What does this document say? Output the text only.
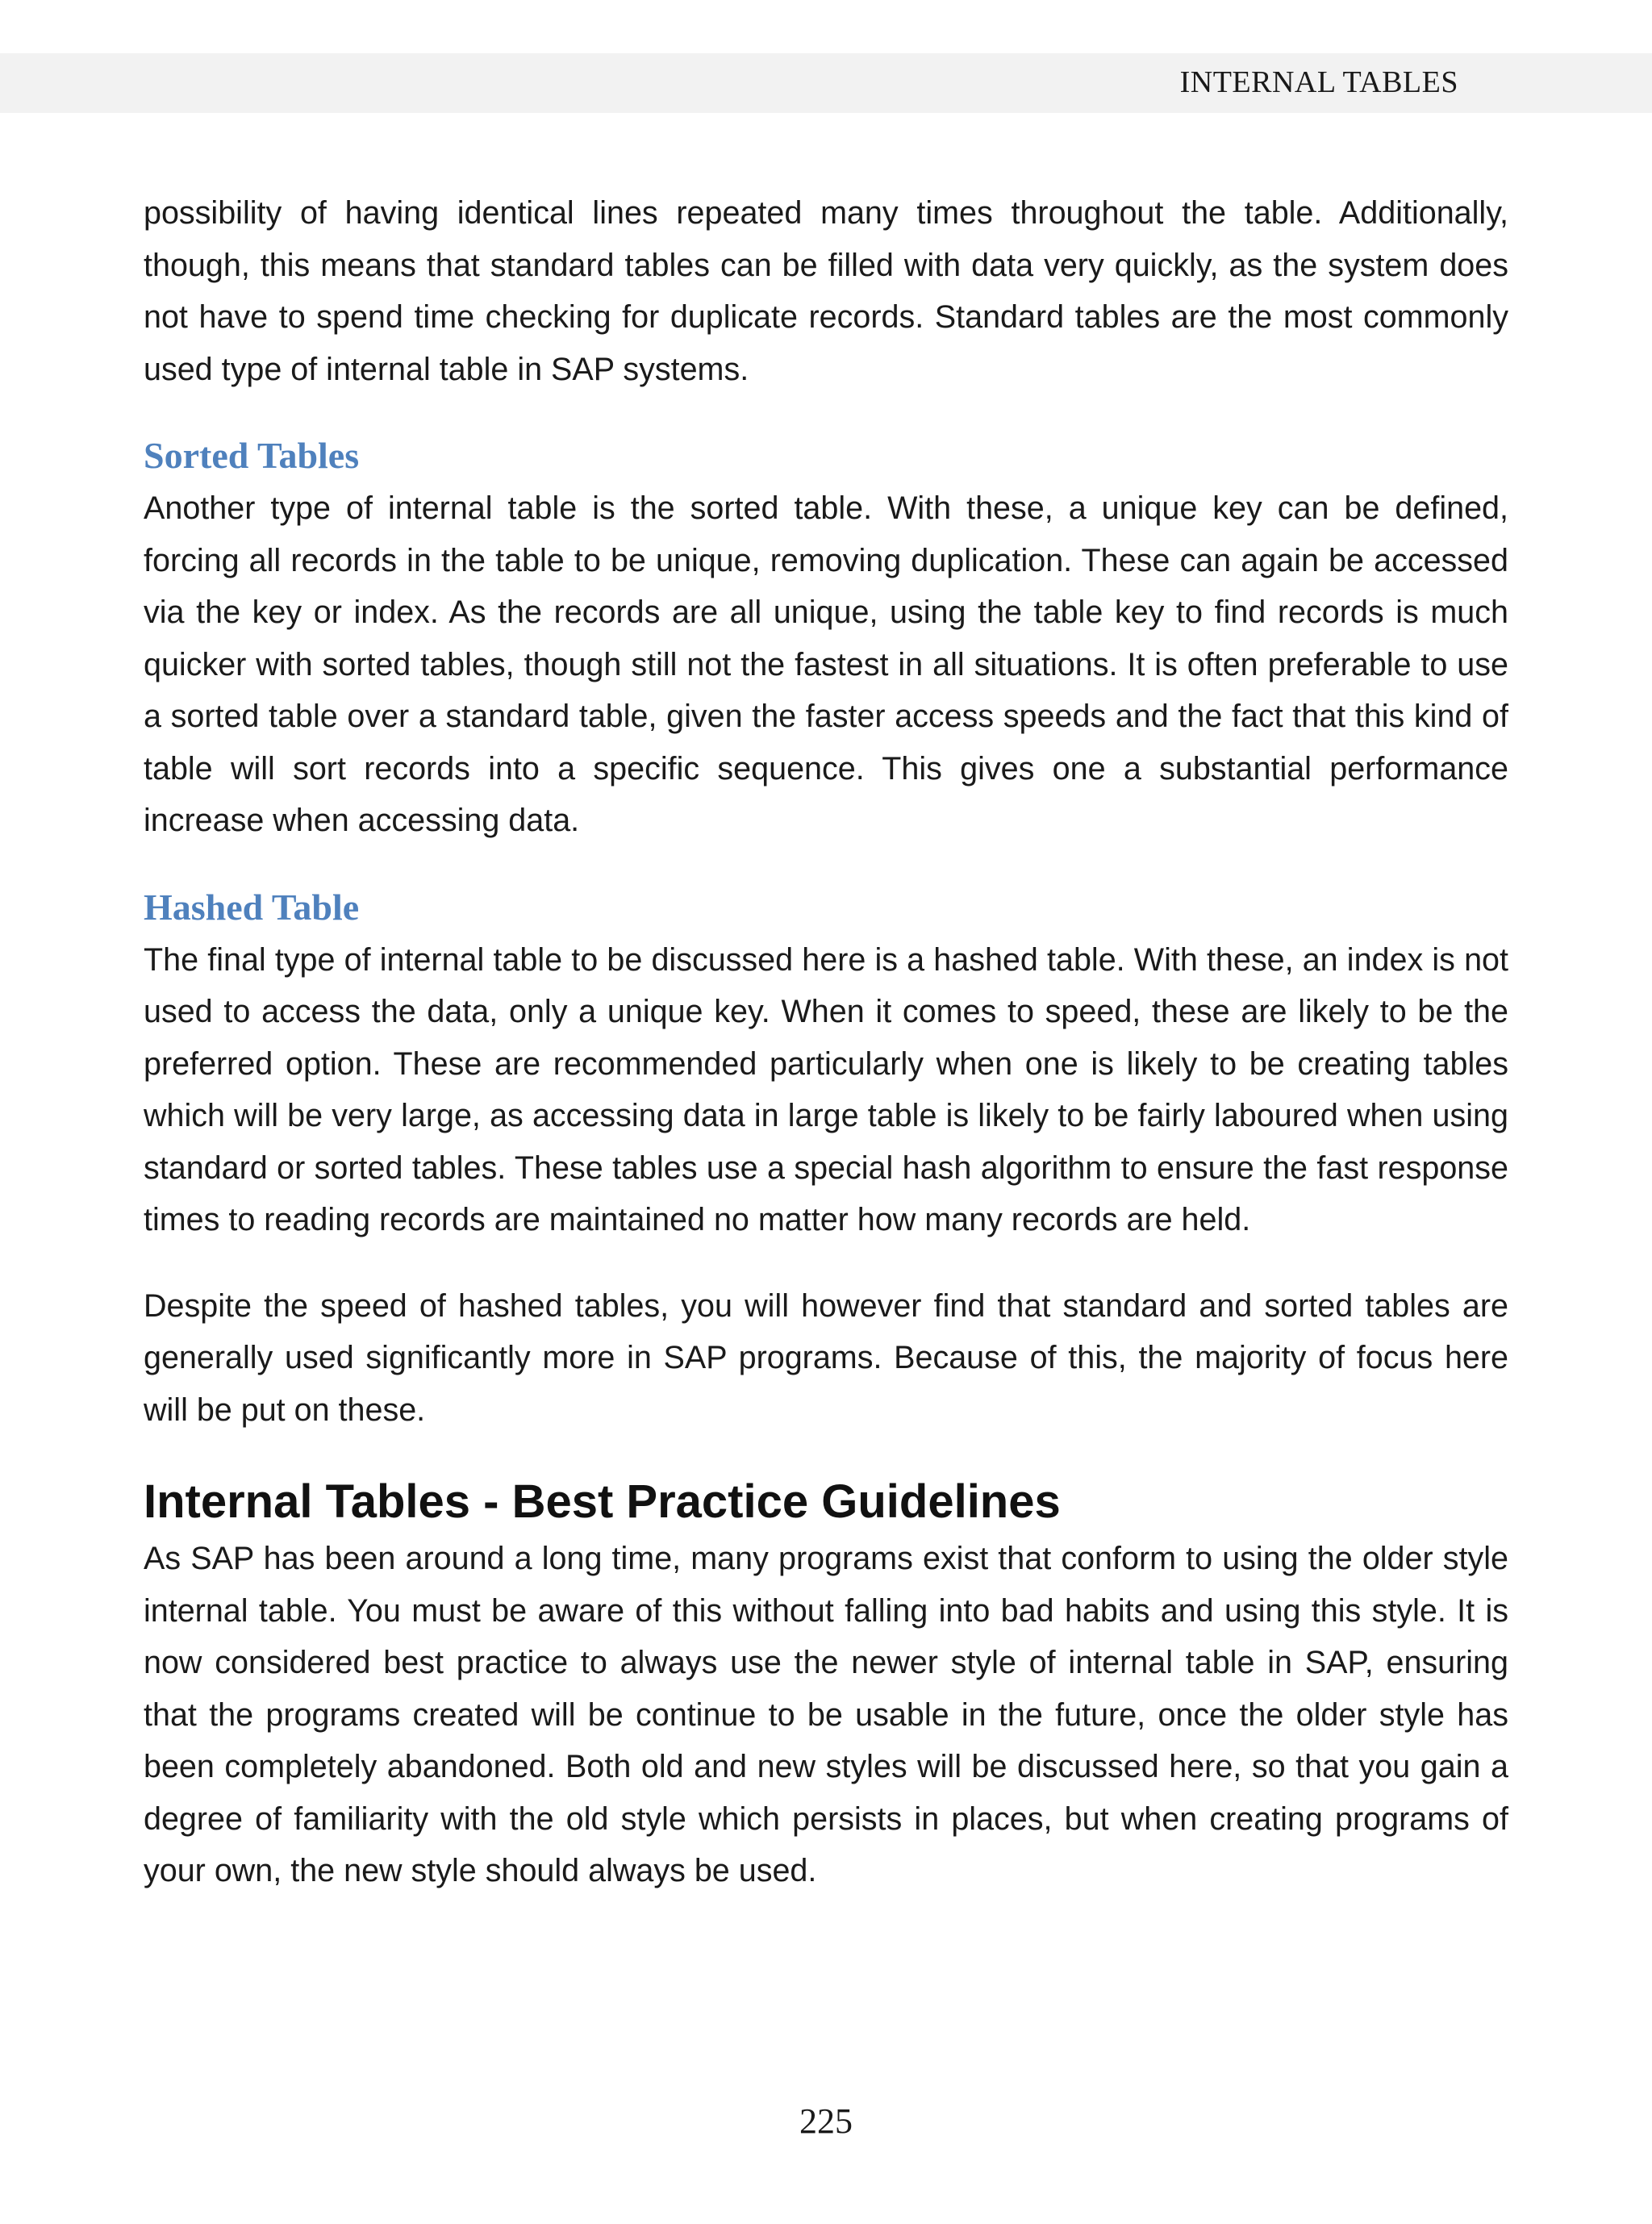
INTERNAL TABLES

possibility of having identical lines repeated many times throughout the table. Additionally, though, this means that standard tables can be filled with data very quickly, as the system does not have to spend time checking for duplicate records. Standard tables are the most commonly used type of internal table in SAP systems.

Sorted Tables

Another type of internal table is the sorted table. With these, a unique key can be defined, forcing all records in the table to be unique, removing duplication. These can again be accessed via the key or index. As the records are all unique, using the table key to find records is much quicker with sorted tables, though still not the fastest in all situations. It is often preferable to use a sorted table over a standard table, given the faster access speeds and the fact that this kind of table will sort records into a specific sequence. This gives one a substantial performance increase when accessing data.

Hashed Table

The final type of internal table to be discussed here is a hashed table. With these, an index is not used to access the data, only a unique key. When it comes to speed, these are likely to be the preferred option. These are recommended particularly when one is likely to be creating tables which will be very large, as accessing data in large table is likely to be fairly laboured when using standard or sorted tables. These tables use a special hash algorithm to ensure the fast response times to reading records are maintained no matter how many records are held.

Despite the speed of hashed tables, you will however find that standard and sorted tables are generally used significantly more in SAP programs. Because of this, the majority of focus here will be put on these.

Internal Tables - Best Practice Guidelines

As SAP has been around a long time, many programs exist that conform to using the older style internal table. You must be aware of this without falling into bad habits and using this style. It is now considered best practice to always use the newer style of internal table in SAP, ensuring that the programs created will be continue to be usable in the future, once the older style has been completely abandoned. Both old and new styles will be discussed here, so that you gain a degree of familiarity with the old style which persists in places, but when creating programs of your own, the new style should always be used.

225
